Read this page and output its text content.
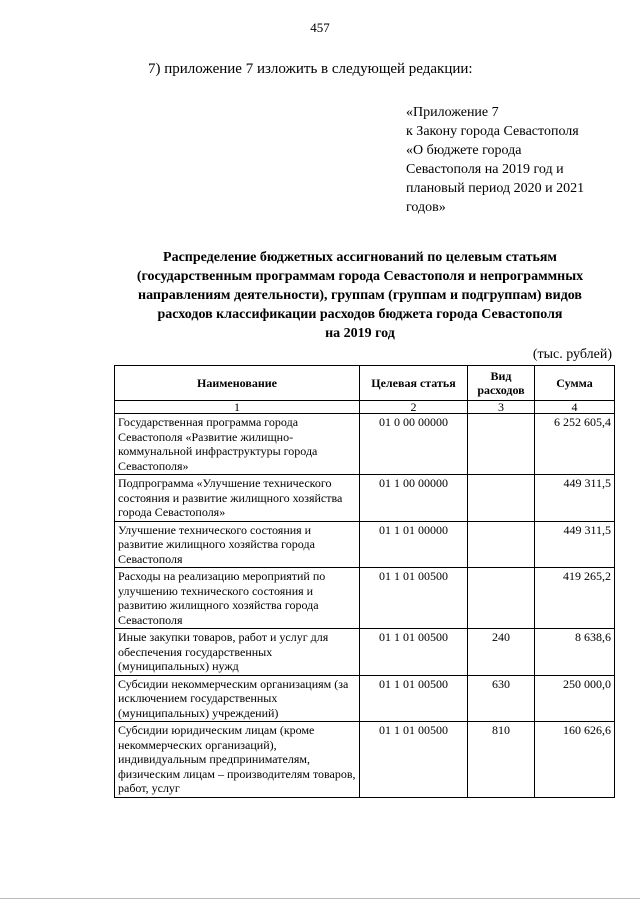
457
7) приложение 7 изложить в следующей редакции:
«Приложение 7
к Закону города Севастополя
«О бюджете города
Севастополя на 2019 год и
плановый период 2020 и 2021
годов»
Распределение бюджетных ассигнований по целевым статьям
(государственным программам города Севастополя и непрограммных
направлениям деятельности), группам (группам и подгруппам) видов
расходов классификации расходов бюджета города Севастополя
на 2019 год
(тыс. рублей)
Наименование	Целевая статья	Вид расходов	Сумма
1	2	3	4
Государственная программа города Севастополя «Развитие жилищно-коммунальной инфраструктуры города Севастополя»	01 0 00 00000		6 252 605,4
Подпрограмма «Улучшение технического состояния и развитие жилищного хозяйства города Севастополя»	01 1 00 00000		449 311,5
Улучшение технического состояния и развитие жилищного хозяйства города Севастополя	01 1 01 00000		449 311,5
Расходы на реализацию мероприятий по улучшению технического состояния и развитию жилищного хозяйства города Севастополя	01 1 01 00500		419 265,2
Иные закупки товаров, работ и услуг для обеспечения государственных (муниципальных) нужд	01 1 01 00500	240	8 638,6
Субсидии некоммерческим организациям (за исключением государственных (муниципальных) учреждений)	01 1 01 00500	630	250 000,0
Субсидии юридическим лицам (кроме некоммерческих организаций), индивидуальным предпринимателям, физическим лицам – производителям товаров, работ, услуг	01 1 01 00500	810	160 626,6
